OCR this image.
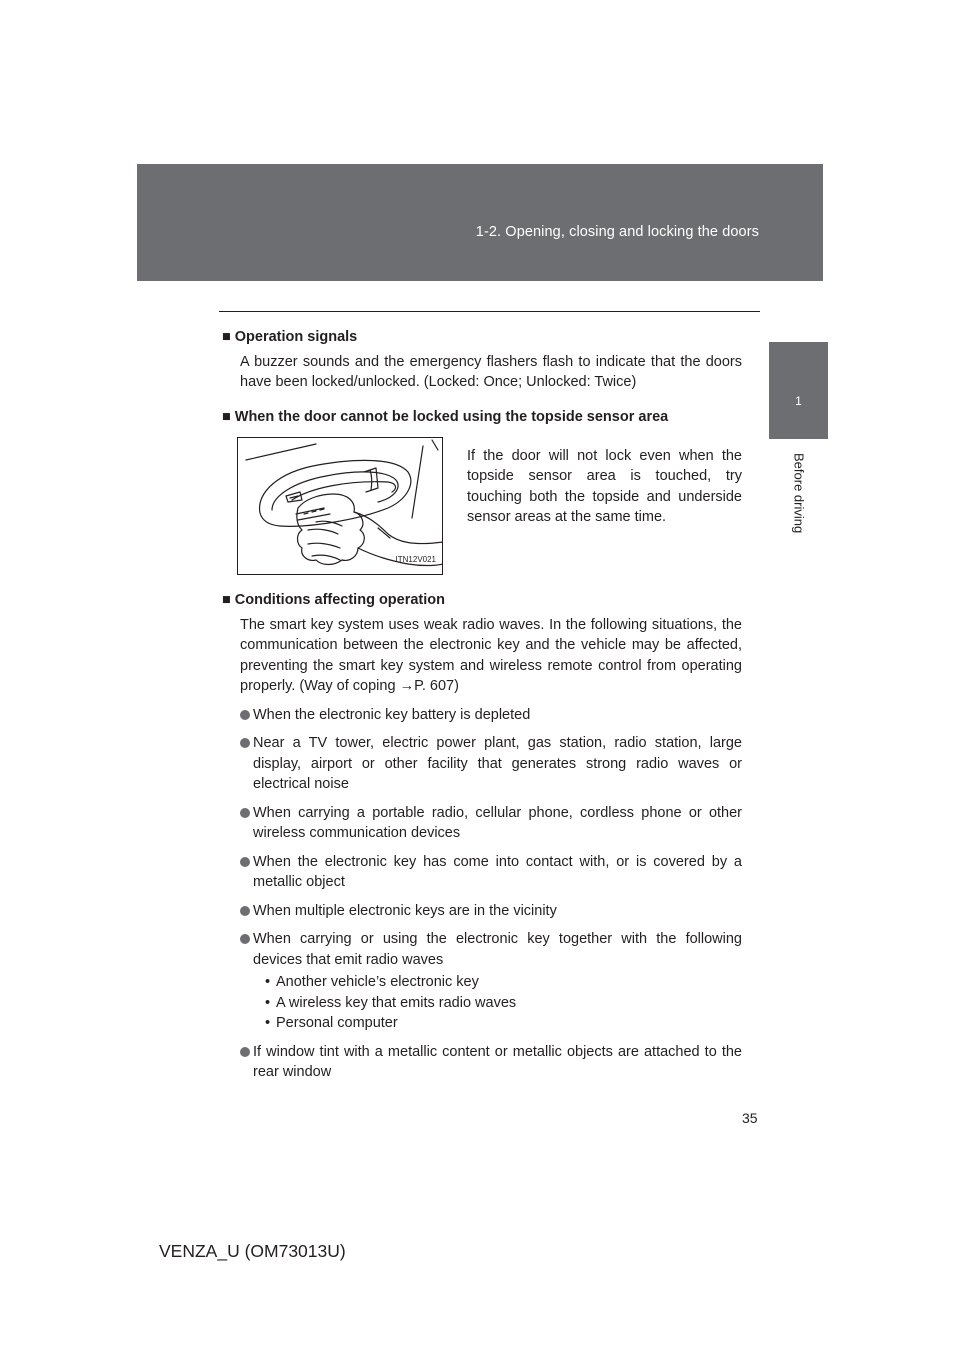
1-2. Opening, closing and locking the doors
1
Before driving

■ Operation signals

A buzzer sounds and the emergency flashers flash to indicate that the doors have been locked/unlocked. (Locked: Once; Unlocked: Twice)

■ When the door cannot be locked using the topside sensor area

ITN12V021

If the door will not lock even when the topside sensor area is touched, try touching both the topside and underside sensor areas at the same time.

■ Conditions affecting operation

The smart key system uses weak radio waves. In the following situations, the communication between the electronic key and the vehicle may be affected, preventing the smart key system and wireless remote control from operating properly. (Way of coping →P. 607)

When the electronic key battery is depleted
Near a TV tower, electric power plant, gas station, radio station, large display, airport or other facility that generates strong radio waves or electrical noise
When carrying a portable radio, cellular phone, cordless phone or other wireless communication devices
When the electronic key has come into contact with, or is covered by a metallic object
When multiple electronic keys are in the vicinity
When carrying or using the electronic key together with the following devices that emit radio waves
• Another vehicle’s electronic key
• A wireless key that emits radio waves
• Personal computer
If window tint with a metallic content or metallic objects are attached to the rear window
35
VENZA_U (OM73013U)
